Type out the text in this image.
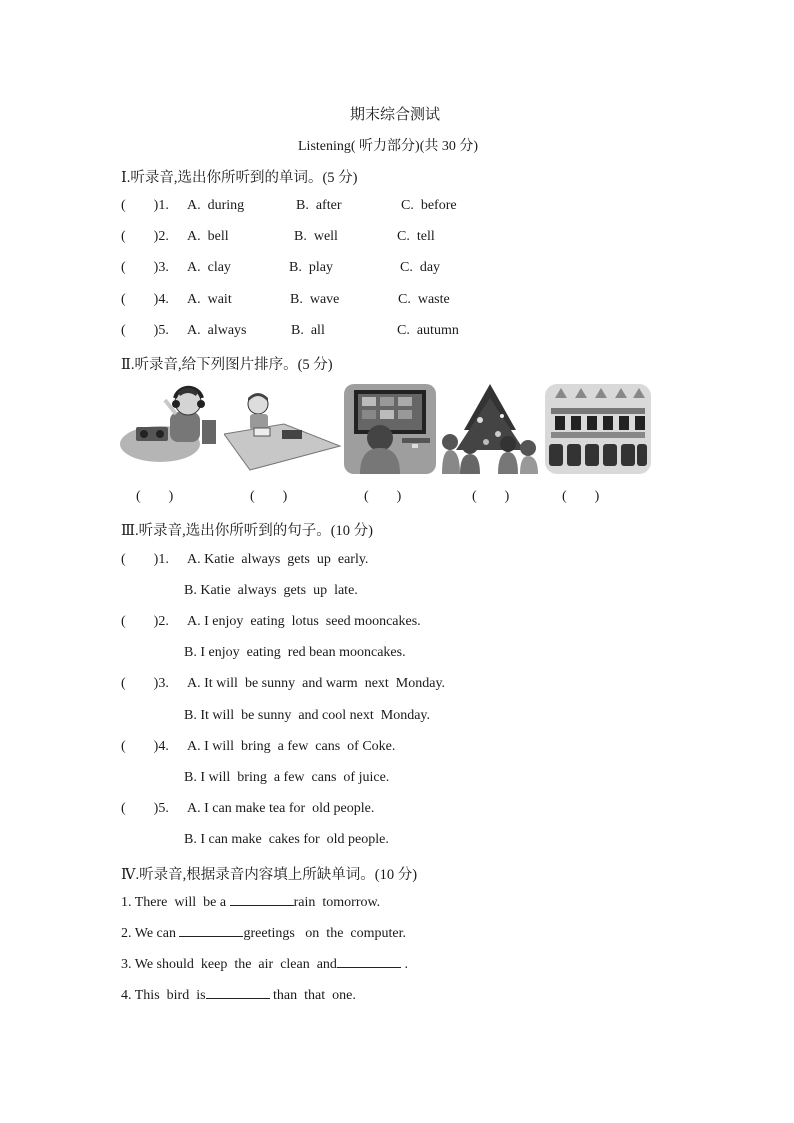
期末综合测试
Listening( 听力部分)(共 30 分)
Ⅰ.听录音,选出你所听到的单词。(5 分)
(        )1. A.  during	B.  after	C.  before
(        )2. A.  bell	B.  well	C.  tell
(        )3. A.  clay	B.  play	C.  day
(        )4. A.  wait	B.  wave	C.  waste
(        )5. A.  always	B.  all	C.  autumn
Ⅱ.听录音,给下列图片排序。(5 分)
(        )	(        )	(        )	(        )	(        )
Ⅲ.听录音,选出你所听到的句子。(10 分)
(        )1. A. Katie  always  gets  up  early.
B. Katie  always  gets  up  late.
(        )2. A. I enjoy  eating  lotus  seed mooncakes.
B. I enjoy  eating  red bean mooncakes.
(        )3. A. It will  be sunny  and warm  next  Monday.
B. It will  be sunny  and cool next  Monday.
(        )4. A. I will  bring  a few  cans  of Coke.
B. I will  bring  a few  cans  of juice.
(        )5. A. I can make tea for  old people.
B. I can make  cakes for  old people.
Ⅳ.听录音,根据录音内容填上所缺单词。(10 分)
1. There  will  be a	rain  tomorrow.
2. We can	greetings   on  the  computer.
3. We should  keep  the  air  clean  and	.
4. This  bird  is	than  that  one.
